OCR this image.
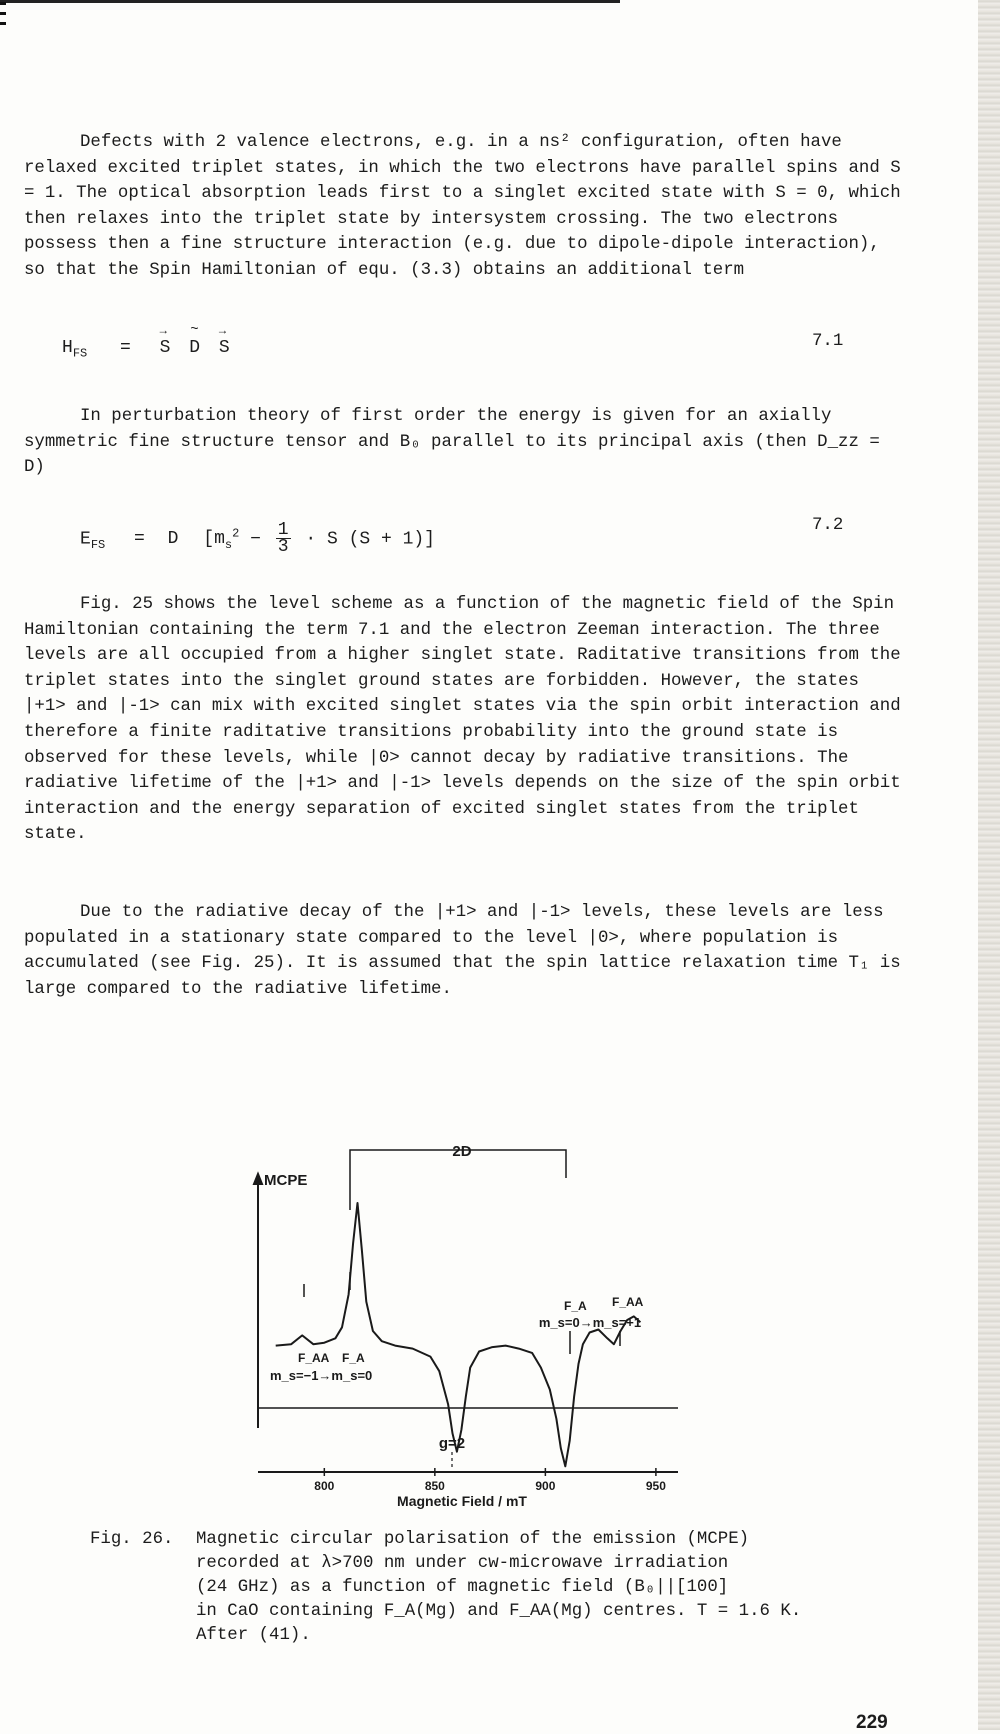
Defects with 2 valence electrons, e.g. in a ns² configuration, often have relaxed excited triplet states, in which the two electrons have parallel spins and S = 1. The optical absorption leads first to a singlet excited state with S = 0, which then relaxes into the triplet state by intersystem crossing. The two electrons possess then a fine structure interaction (e.g. due to dipole-dipole interaction), so that the Spin Hamiltonian of equ. (3.3) obtains an additional term

$H_{FS}$ = → S ~ D → S	7.1

In perturbation theory of first order the energy is given for an axially symmetric fine structure tensor and B₀ parallel to its principal axis (then D_zz = D)

$E_{FS} = D$ [$m_s^2 - \frac{1}{3} \cdot S$ (S + 1)]
7.2

Fig. 25 shows the level scheme as a function of the magnetic field of the Spin Hamiltonian containing the term 7.1 and the electron Zeeman interaction. The three levels are all occupied from a higher singlet state. Raditative transitions from the triplet states into the singlet ground states are forbidden. However, the states |+1> and |-1> can mix with excited singlet states via the spin orbit interaction and therefore a finite raditative transitions probability into the ground state is observed for these levels, while |0> cannot decay by radiative transitions. The radiative lifetime of the |+1> and |-1> levels depends on the size of the spin orbit interaction and the energy separation of excited singlet states from the triplet state.

Due to the radiative decay of the |+1> and |-1> levels, these levels are less populated in a stationary state compared to the level |0>, where population is accumulated (see Fig. 25). It is assumed that the spin lattice relaxation time T₁ is large compared to the radiative lifetime.

800	850	900	950
MCPE
2D
m_s=0→m_s=+1
m_s=−1→m_s=0
F_AA F_A
F_A F_AA
g=2
Magnetic Field / mT
Fig. 26. Magnetic circular polarisation of the emission (MCPE)
recorded at λ>700 nm under cw-microwave irradiation
(24 GHz) as a function of magnetic field (B₀||[100]
in CaO containing F_A(Mg) and F_AA(Mg) centres. T = 1.6 K.
After (41).
229
